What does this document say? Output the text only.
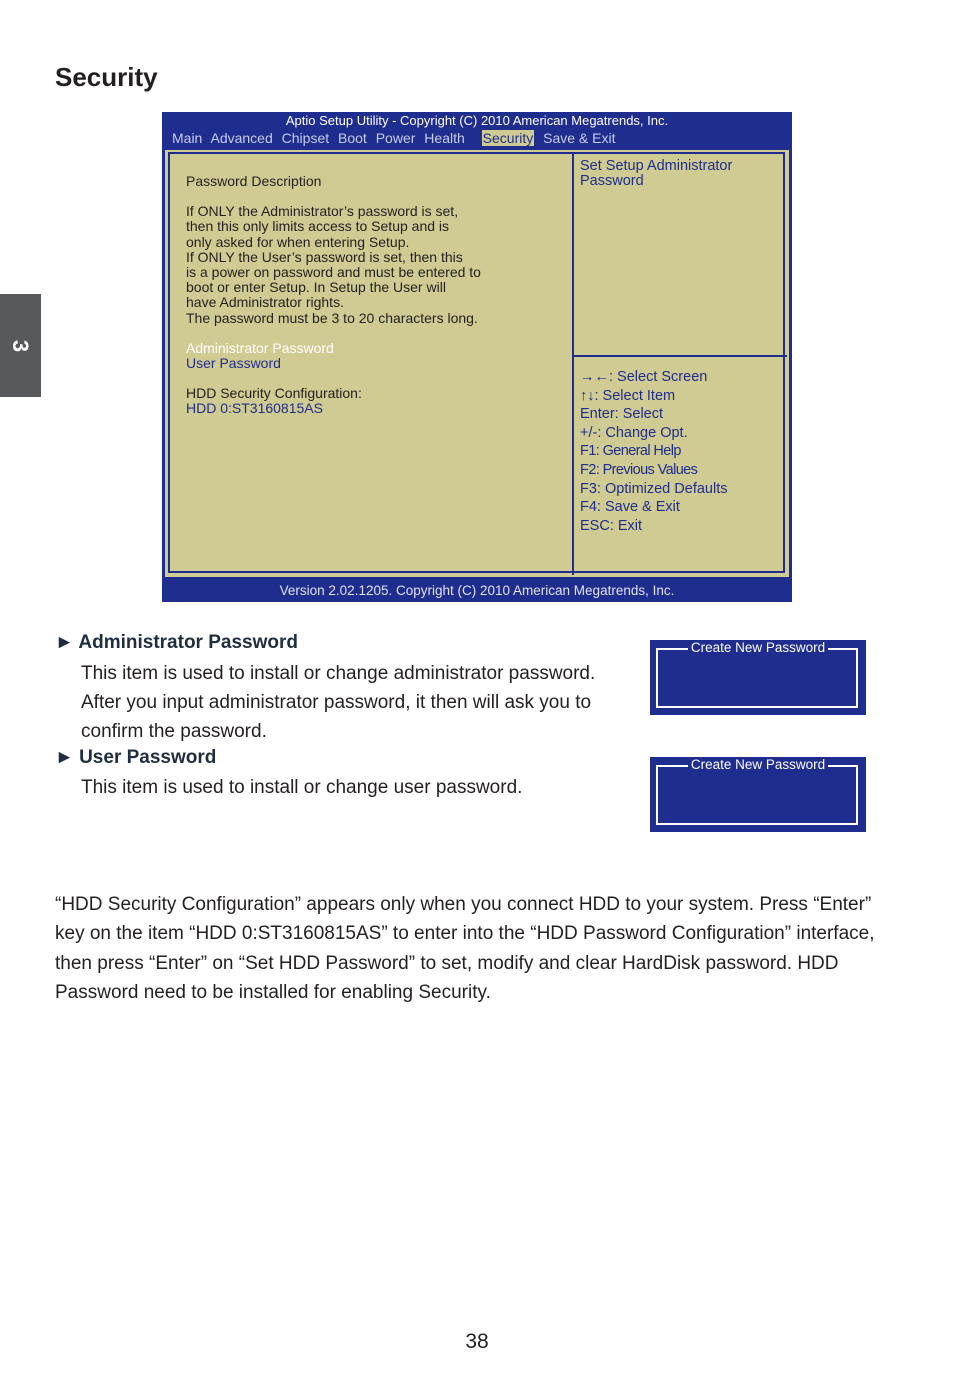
Security
3
Aptio Setup Utility - Copyright (C) 2010 American Megatrends, Inc.
Main Advanced Chipset Boot Power Health Security Save & Exit
Password Description
If ONLY the Administrator’s password is set,
then this only limits access to Setup and is
only asked for when entering Setup.
If ONLY the User’s password is set, then this
is a power on password and must be entered to
boot or enter Setup. In Setup the User will
have Administrator rights.
The password must be 3 to 20 characters long.
Administrator Password
User Password
HDD Security Configuration:
HDD 0:ST3160815AS
Set Setup Administrator
Password
→←: Select Screen
↑↓: Select Item
Enter: Select
+/-: Change Opt.
F1: General Help
F2: Previous Values
F3: Optimized Defaults
F4: Save & Exit
ESC: Exit
Version 2.02.1205. Copyright (C) 2010 American Megatrends, Inc.
► Administrator Password
This item is used to install or change administrator password.
After you input administrator password, it then will ask you to
confirm the password.
► User Password
This item is used to install or change user password.
Create New Password
Create New Password
“HDD Security Configuration” appears only when you connect HDD to your system. Press “Enter”
key on the item “HDD 0:ST3160815AS” to enter into the “HDD Password Configuration” interface,
then press “Enter” on “Set HDD Password” to set, modify and clear HardDisk password. HDD
Password need to be installed for enabling Security.
38
